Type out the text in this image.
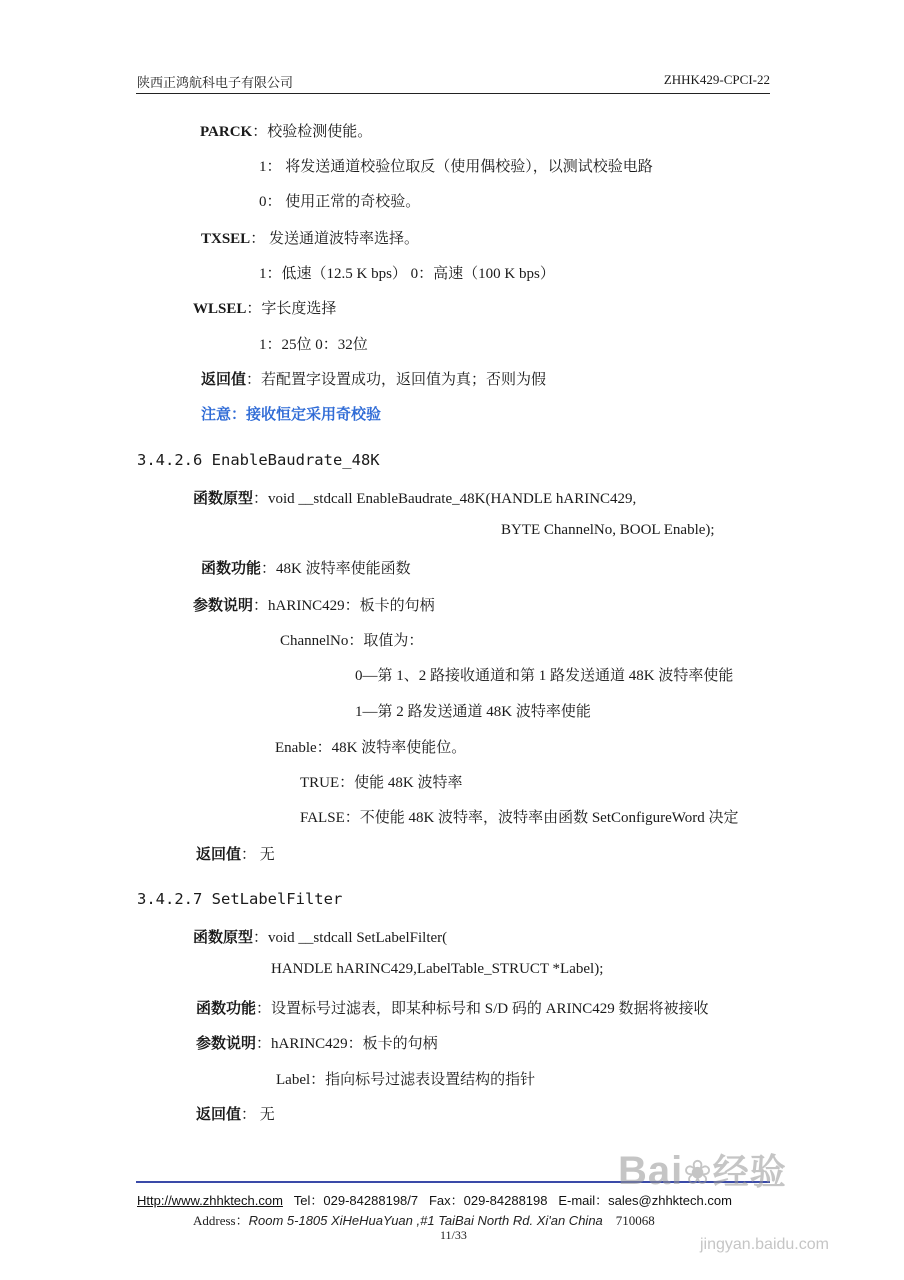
陕西正鸿航科电子有限公司	ZHHK429-CPCI-22
PARCK：校验检测使能。
1： 将发送通道校验位取反（使用偶校验），以测试校验电路
0： 使用正常的奇校验。
TXSEL： 发送通道波特率选择。
1：低速（12.5 K bps） 0：高速（100 K bps）
WLSEL：字长度选择
1：25位 0：32位
返回值：若配置字设置成功，返回值为真；否则为假
注意：接收恒定采用奇校验
3.4.2.6 EnableBaudrate_48K
函数原型：void __stdcall EnableBaudrate_48K(HANDLE hARINC429,
BYTE ChannelNo, BOOL Enable);
函数功能：48K 波特率使能函数
参数说明：hARINC429：板卡的句柄
ChannelNo：取值为：
0—第 1、2 路接收通道和第 1 路发送通道 48K 波特率使能
1—第 2 路发送通道 48K 波特率使能
Enable：48K 波特率使能位。
TRUE：使能 48K 波特率
FALSE：不使能 48K 波特率，波特率由函数 SetConfigureWord 决定
返回值： 无
3.4.2.7 SetLabelFilter
函数原型：void __stdcall SetLabelFilter(
HANDLE hARINC429,LabelTable_STRUCT *Label);
函数功能：设置标号过滤表，即某种标号和 S/D 码的 ARINC429 数据将被接收
参数说明：hARINC429：板卡的句柄
Label：指向标号过滤表设置结构的指针
返回值： 无
Http://www.zhhktech.com Tel：029-84288198/7 Fax：029-84288198 E-mail：sales@zhhktech.com
Address：Room 5-1805 XiHeHuaYuan ,#1 TaiBai North Rd. Xi'an China 710068
11/33
Bai❀经验
jingyan.baidu.com
